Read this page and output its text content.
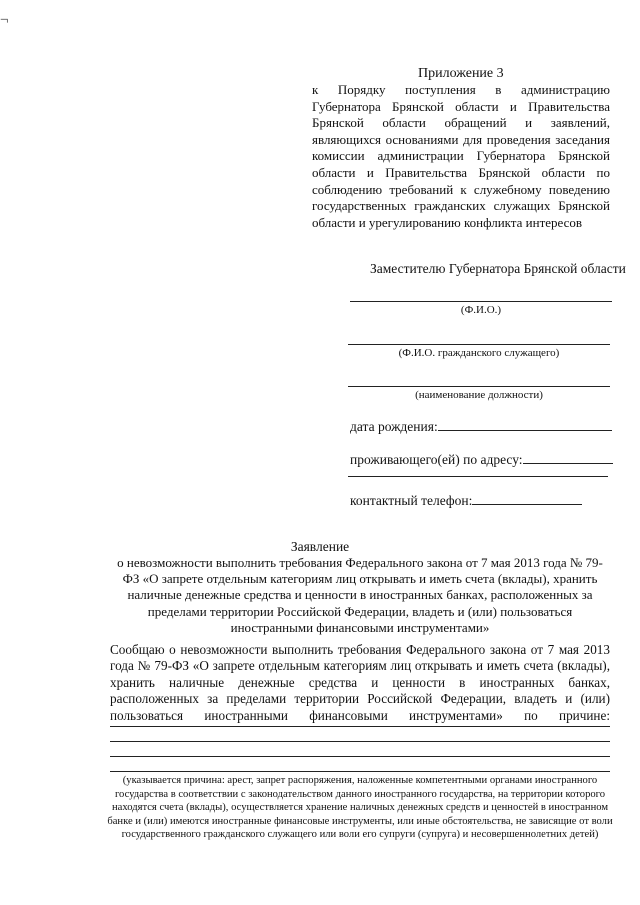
¬
Приложение 3
к Порядку поступления в администрацию Губернатора Брянской области и Правительства Брянской области обращений и заявлений, являющихся основаниями для проведения заседания комиссии администрации Губернатора Брянской области и Правительства Брянской области по соблюдению требований к служебному поведению государственных гражданских служащих Брянской области и урегулированию конфликта интересов
Заместителю Губернатора Брянской области
(Ф.И.О.)
(Ф.И.О. гражданского служащего)
(наименование должности)
дата рождения:
проживающего(ей) по адресу:
контактный телефон:
Заявление
о невозможности выполнить требования Федерального закона от 7 мая 2013 года № 79-ФЗ «О запрете отдельным категориям лиц открывать и иметь счета (вклады), хранить наличные денежные средства и ценности в иностранных банках, расположенных за пределами территории Российской Федерации, владеть и (или) пользоваться иностранными финансовыми инструментами»
Сообщаю о невозможности выполнить требования Федерального закона от 7 мая 2013 года № 79-ФЗ «О запрете отдельным категориям лиц открывать и иметь счета (вклады), хранить наличные денежные средства и ценности в иностранных банках, расположенных за пределами территории Российской Федерации, владеть и (или) пользоваться иностранными финансовыми инструментами» по причине:
(указывается причина: арест, запрет распоряжения, наложенные компетентными органами иностранного государства в соответствии с законодательством данного иностранного государства, на территории которого находятся счета (вклады), осуществляется хранение наличных денежных средств и ценностей в иностранном банке и (или) имеются иностранные финансовые инструменты, или иные обстоятельства, не зависящие от воли государственного гражданского служащего или воли его супруги (супруга) и несовершеннолетних детей)
